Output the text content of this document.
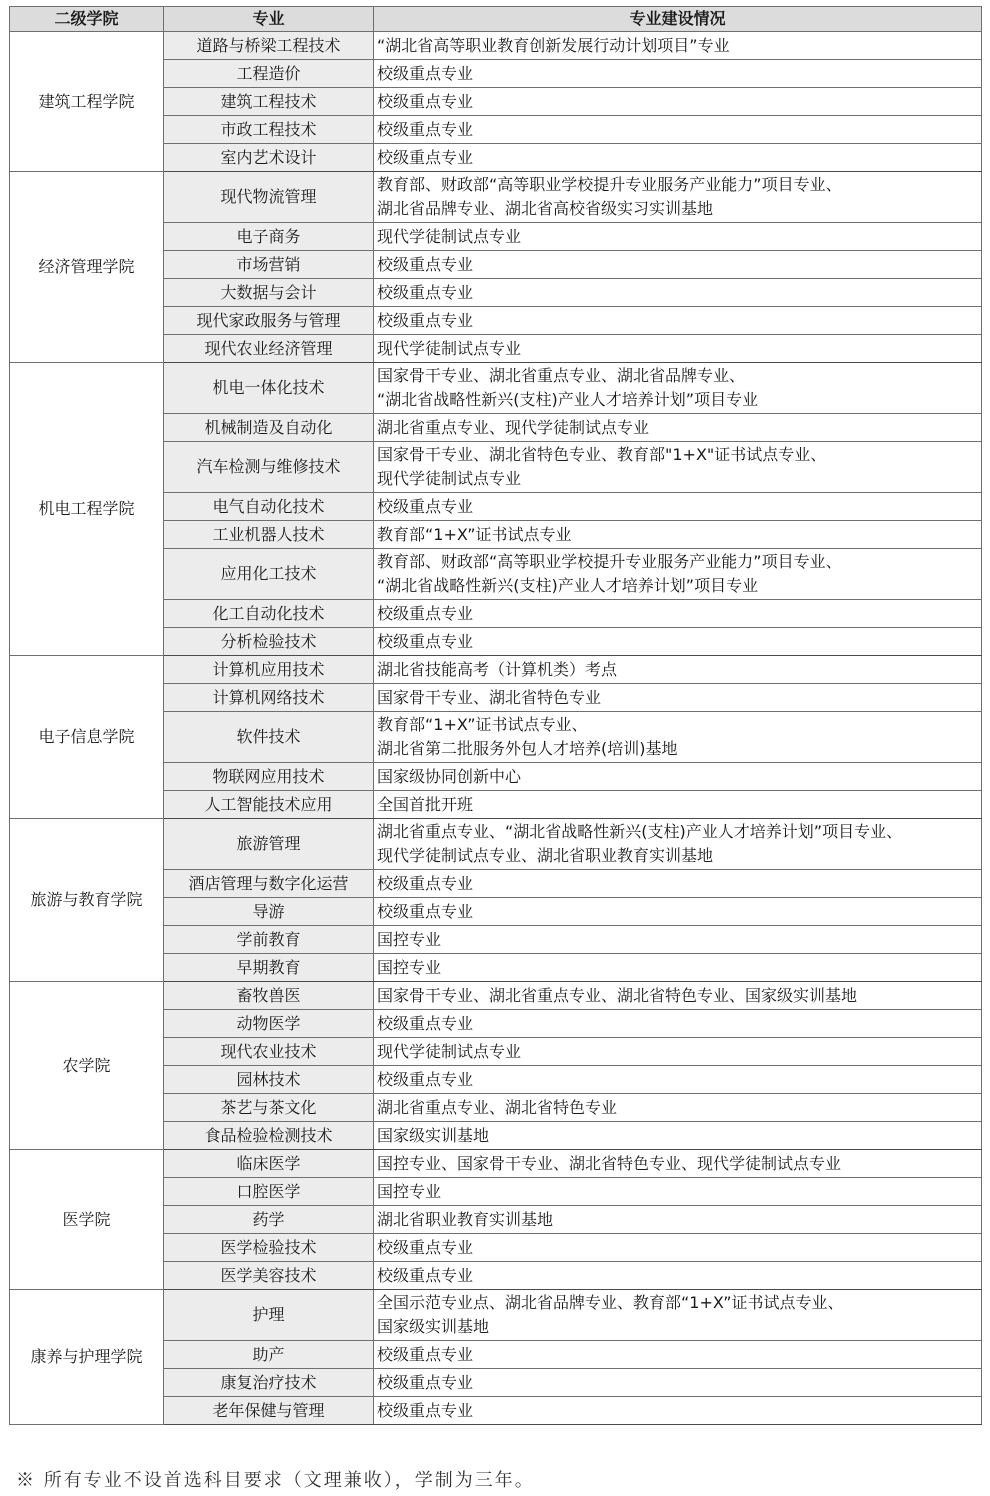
二级学院	专业	专业建设情况
建筑工程学院	道路与桥梁工程技术	“湖北省高等职业教育创新发展行动计划项目”专业

	工程造价	校级重点专业

	建筑工程技术	校级重点专业

	市政工程技术	校级重点专业

	室内艺术设计	校级重点专业

经济管理学院	现代物流管理	教育部、财政部“高等职业学校提升专业服务产业能力”项目专业、
湖北省品牌专业、湖北省高校省级实习实训基地

	电子商务	现代学徒制试点专业

	市场营销	校级重点专业

	大数据与会计	校级重点专业

	现代家政服务与管理	校级重点专业

	现代农业经济管理	现代学徒制试点专业

机电工程学院	机电一体化技术	国家骨干专业、湖北省重点专业、湖北省品牌专业、
“湖北省战略性新兴(支柱)产业人才培养计划”项目专业

	机械制造及自动化	湖北省重点专业、现代学徒制试点专业

	汽车检测与维修技术	国家骨干专业、湖北省特色专业、教育部"1+X"证书试点专业、
现代学徒制试点专业

	电气自动化技术	校级重点专业

	工业机器人技术	教育部“1+X”证书试点专业

	应用化工技术	教育部、财政部“高等职业学校提升专业服务产业能力”项目专业、
“湖北省战略性新兴(支柱)产业人才培养计划”项目专业

	化工自动化技术	校级重点专业

	分析检验技术	校级重点专业

电子信息学院	计算机应用技术	湖北省技能高考（计算机类）考点

	计算机网络技术	国家骨干专业、湖北省特色专业

	软件技术	教育部“1+X”证书试点专业、
湖北省第二批服务外包人才培养(培训)基地

	物联网应用技术	国家级协同创新中心

	人工智能技术应用	全国首批开班

旅游与教育学院	旅游管理	湖北省重点专业、“湖北省战略性新兴(支柱)产业人才培养计划”项目专业、
现代学徒制试点专业、湖北省职业教育实训基地

	酒店管理与数字化运营	校级重点专业

	导游	校级重点专业

	学前教育	国控专业

	早期教育	国控专业

农学院	畜牧兽医	国家骨干专业、湖北省重点专业、湖北省特色专业、国家级实训基地

	动物医学	校级重点专业

	现代农业技术	现代学徒制试点专业

	园林技术	校级重点专业

	茶艺与茶文化	湖北省重点专业、湖北省特色专业

	食品检验检测技术	国家级实训基地

医学院	临床医学	国控专业、国家骨干专业、湖北省特色专业、现代学徒制试点专业

	口腔医学	国控专业

	药学	湖北省职业教育实训基地

	医学检验技术	校级重点专业

	医学美容技术	校级重点专业

康养与护理学院	护理	全国示范专业点、湖北省品牌专业、教育部“1+X”证书试点专业、
国家级实训基地

	助产	校级重点专业

	康复治疗技术	校级重点专业

	老年保健与管理	校级重点专业
※ 所有专业不设首选科目要求（文理兼收），学制为三年。
